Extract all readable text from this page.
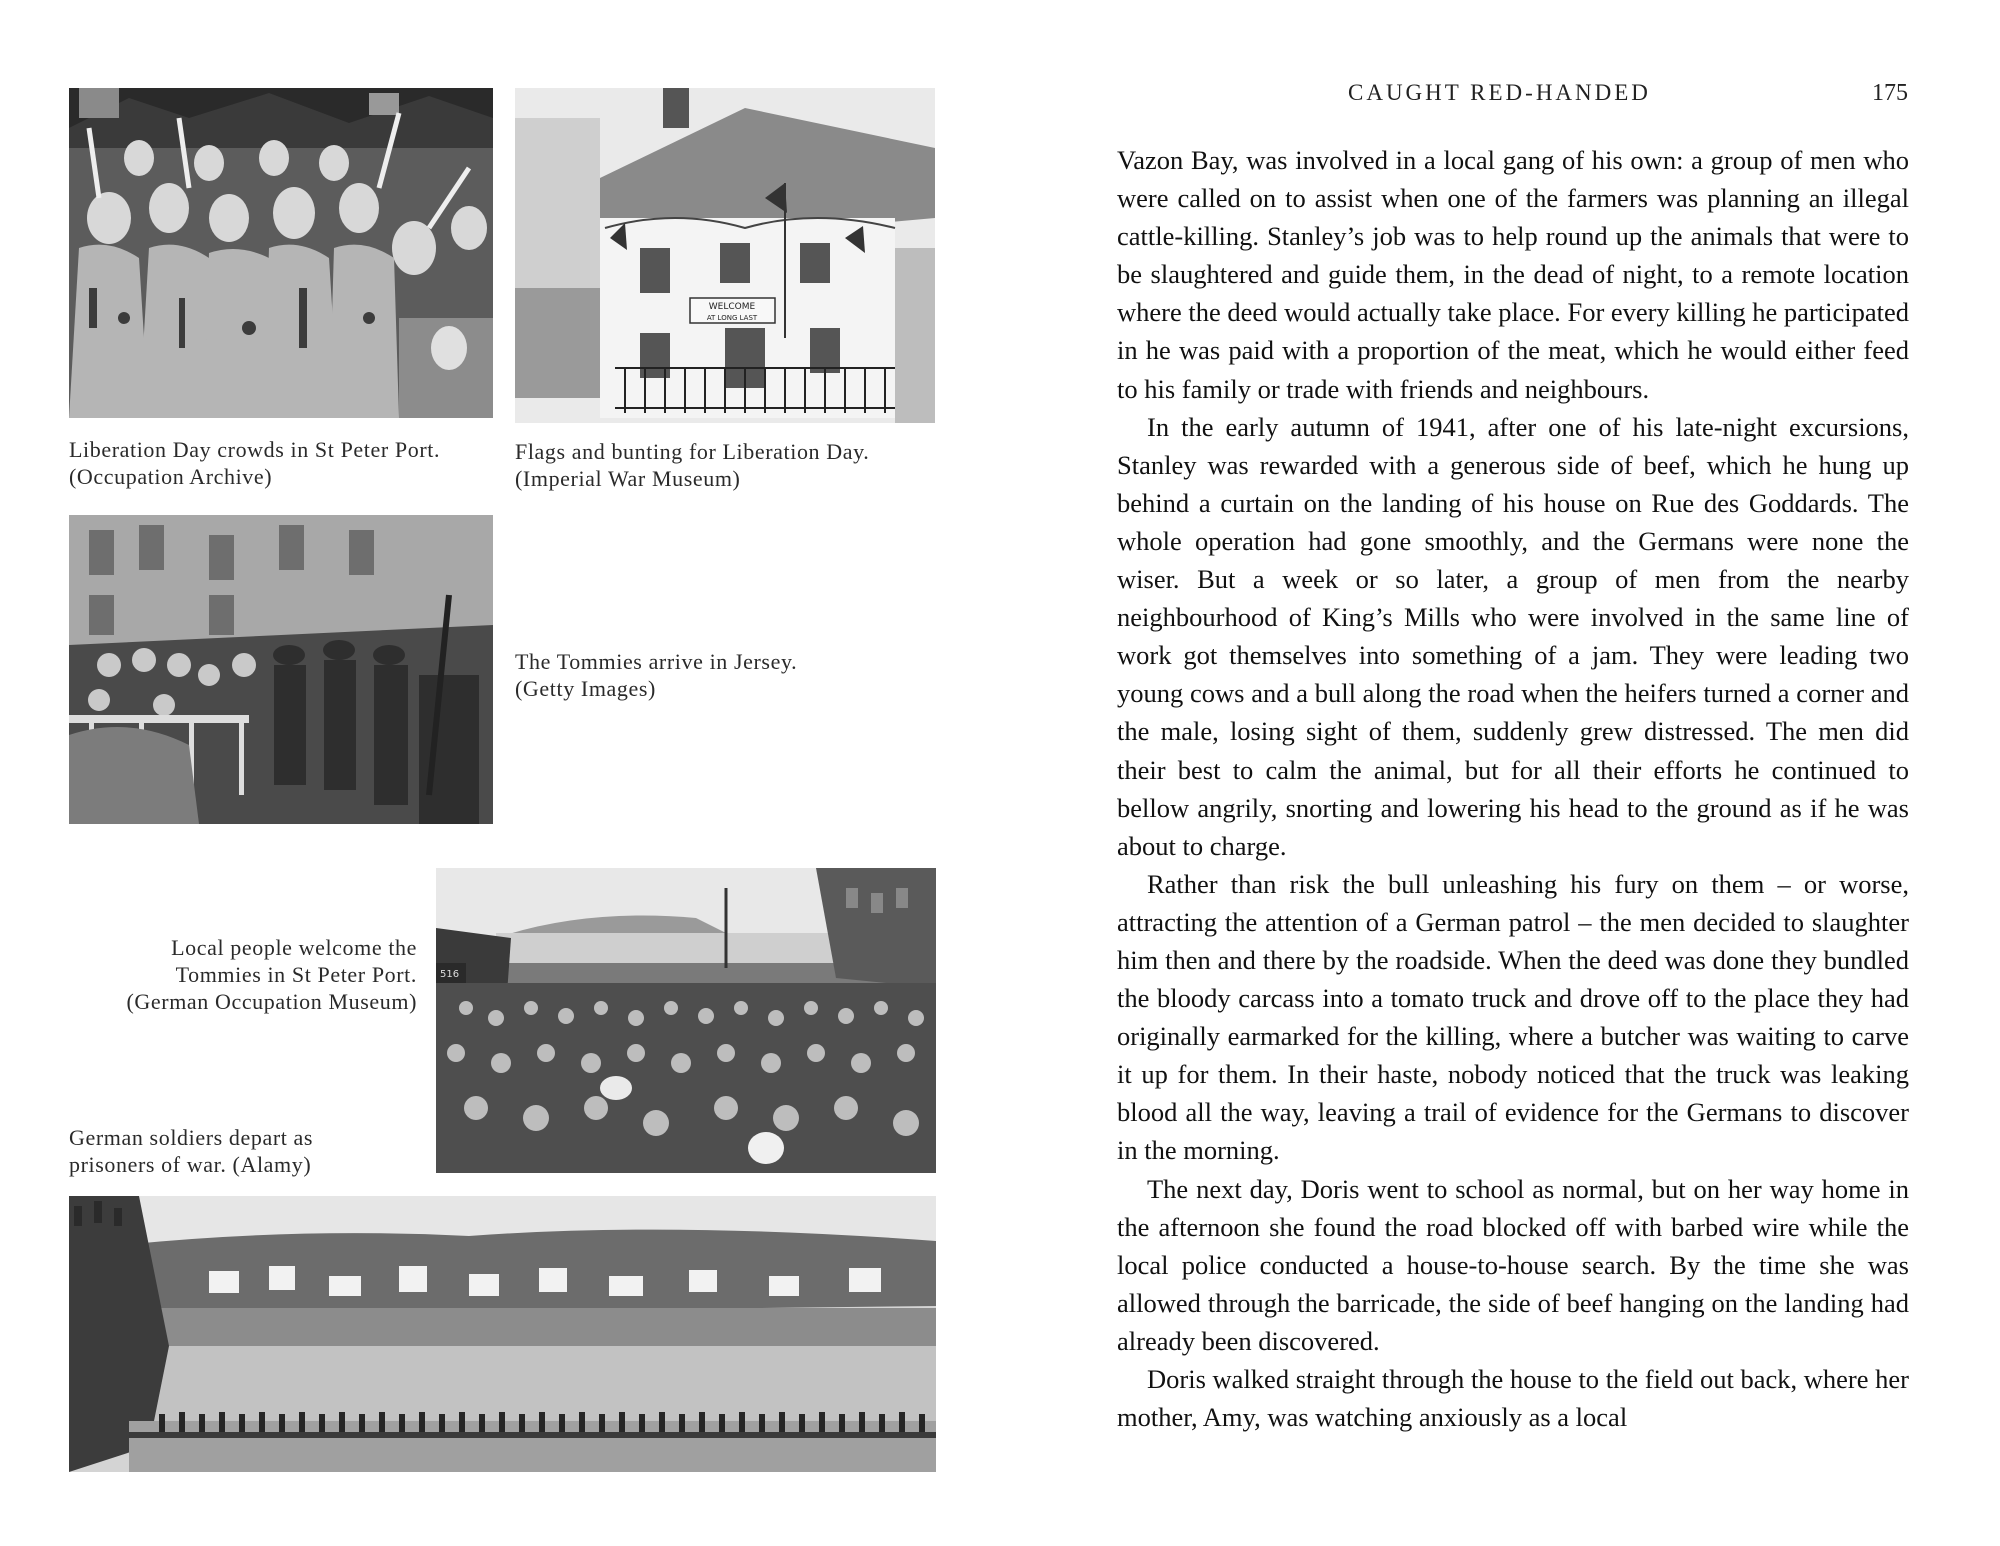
Liberation Day crowds in St Peter Port.
(Occupation Archive)
WELCOME
AT LONG LAST
Flags and bunting for Liberation Day.
(Imperial War Museum)
The Tommies arrive in Jersey.
(Getty Images)
Local people welcome the
Tommies in St Peter Port.
(German Occupation Museum)
516
German soldiers depart as
prisoners of war. (Alamy)
CAUGHT RED-HANDED	175

Vazon Bay, was involved in a local gang of his own: a group of men who were called on to assist when one of the farmers was planning an illegal cattle-killing. Stanley’s job was to help round up the animals that were to be slaughtered and guide them, in the dead of night, to a remote location where the deed would actually take place. For every killing he participated in he was paid with a proportion of the meat, which he would either feed to his family or trade with friends and neighbours.

In the early autumn of 1941, after one of his late-night excursions, Stanley was rewarded with a generous side of beef, which he hung up behind a curtain on the landing of his house on Rue des Goddards. The whole operation had gone smoothly, and the Germans were none the wiser. But a week or so later, a group of men from the nearby neighbourhood of King’s Mills who were involved in the same line of work got themselves into something of a jam. They were leading two young cows and a bull along the road when the heifers turned a corner and the male, losing sight of them, suddenly grew distressed. The men did their best to calm the animal, but for all their efforts he continued to bellow angrily, snorting and lowering his head to the ground as if he was about to charge.

Rather than risk the bull unleashing his fury on them – or worse, attracting the attention of a German patrol – the men decided to slaughter him then and there by the roadside. When the deed was done they bundled the bloody carcass into a tomato truck and drove off to the place they had originally earmarked for the killing, where a butcher was waiting to carve it up for them. In their haste, nobody noticed that the truck was leaking blood all the way, leaving a trail of evidence for the Germans to discover in the morning.

The next day, Doris went to school as normal, but on her way home in the afternoon she found the road blocked off with barbed wire while the local police conducted a house-to-house search. By the time she was allowed through the barricade, the side of beef hanging on the landing had already been discovered.

Doris walked straight through the house to the field out back, where her mother, Amy, was watching anxiously as a local
